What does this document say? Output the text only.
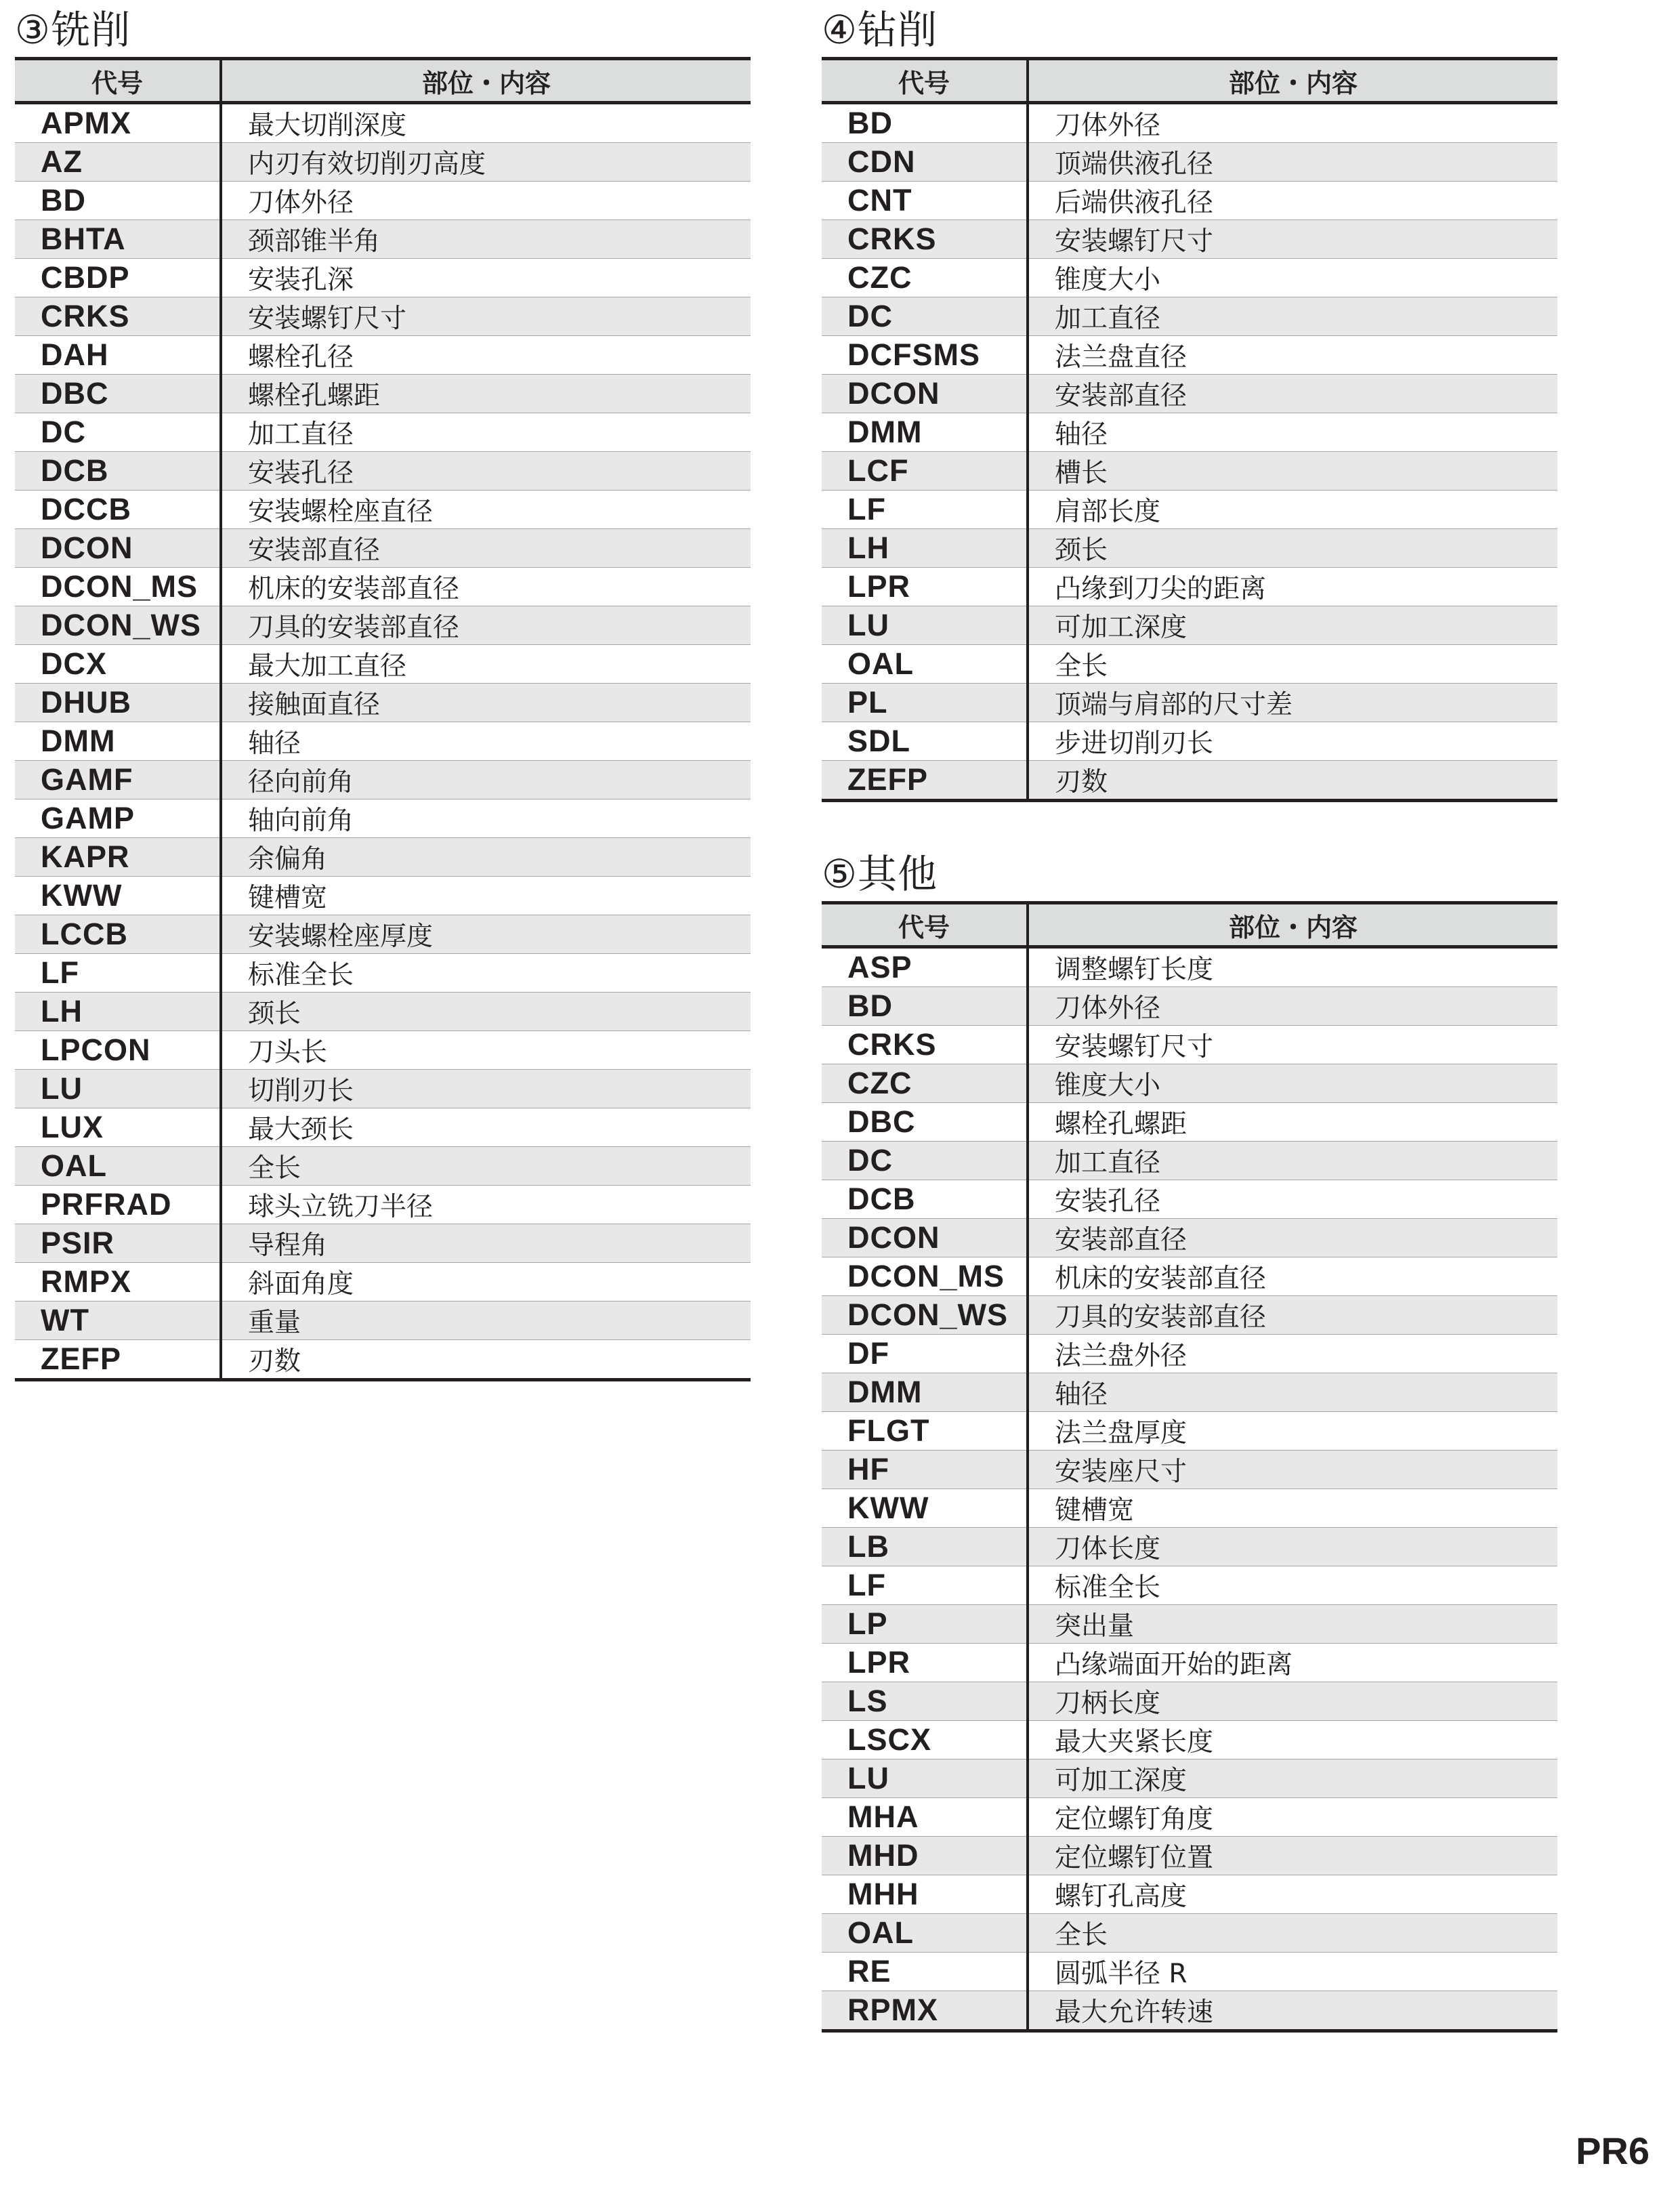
③铣削
代号	部位・内容
APMX	最大切削深度
AZ	内刃有效切削刃高度
BD	刀体外径
BHTA	颈部锥半角
CBDP	安装孔深
CRKS	安装螺钉尺寸
DAH	螺栓孔径
DBC	螺栓孔螺距
DC	加工直径
DCB	安装孔径
DCCB	安装螺栓座直径
DCON	安装部直径
DCON_MS	机床的安装部直径
DCON_WS	刀具的安装部直径
DCX	最大加工直径
DHUB	接触面直径
DMM	轴径
GAMF	径向前角
GAMP	轴向前角
KAPR	余偏角
KWW	键槽宽
LCCB	安装螺栓座厚度
LF	标准全长
LH	颈长
LPCON	刀头长
LU	切削刃长
LUX	最大颈长
OAL	全长
PRFRAD	球头立铣刀半径
PSIR	导程角
RMPX	斜面角度
WT	重量
ZEFP	刃数
④钻削
代号	部位・内容
BD	刀体外径
CDN	顶端供液孔径
CNT	后端供液孔径
CRKS	安装螺钉尺寸
CZC	锥度大小
DC	加工直径
DCFSMS	法兰盘直径
DCON	安装部直径
DMM	轴径
LCF	槽长
LF	肩部长度
LH	颈长
LPR	凸缘到刀尖的距离
LU	可加工深度
OAL	全长
PL	顶端与肩部的尺寸差
SDL	步进切削刃长
ZEFP	刃数
⑤其他
代号	部位・内容
ASP	调整螺钉长度
BD	刀体外径
CRKS	安装螺钉尺寸
CZC	锥度大小
DBC	螺栓孔螺距
DC	加工直径
DCB	安装孔径
DCON	安装部直径
DCON_MS	机床的安装部直径
DCON_WS	刀具的安装部直径
DF	法兰盘外径
DMM	轴径
FLGT	法兰盘厚度
HF	安装座尺寸
KWW	键槽宽
LB	刀体长度
LF	标准全长
LP	突出量
LPR	凸缘端面开始的距离
LS	刀柄长度
LSCX	最大夹紧长度
LU	可加工深度
MHA	定位螺钉角度
MHD	定位螺钉位置
MHH	螺钉孔高度
OAL	全长
RE	圆弧半径 R
RPMX	最大允许转速

PR6
